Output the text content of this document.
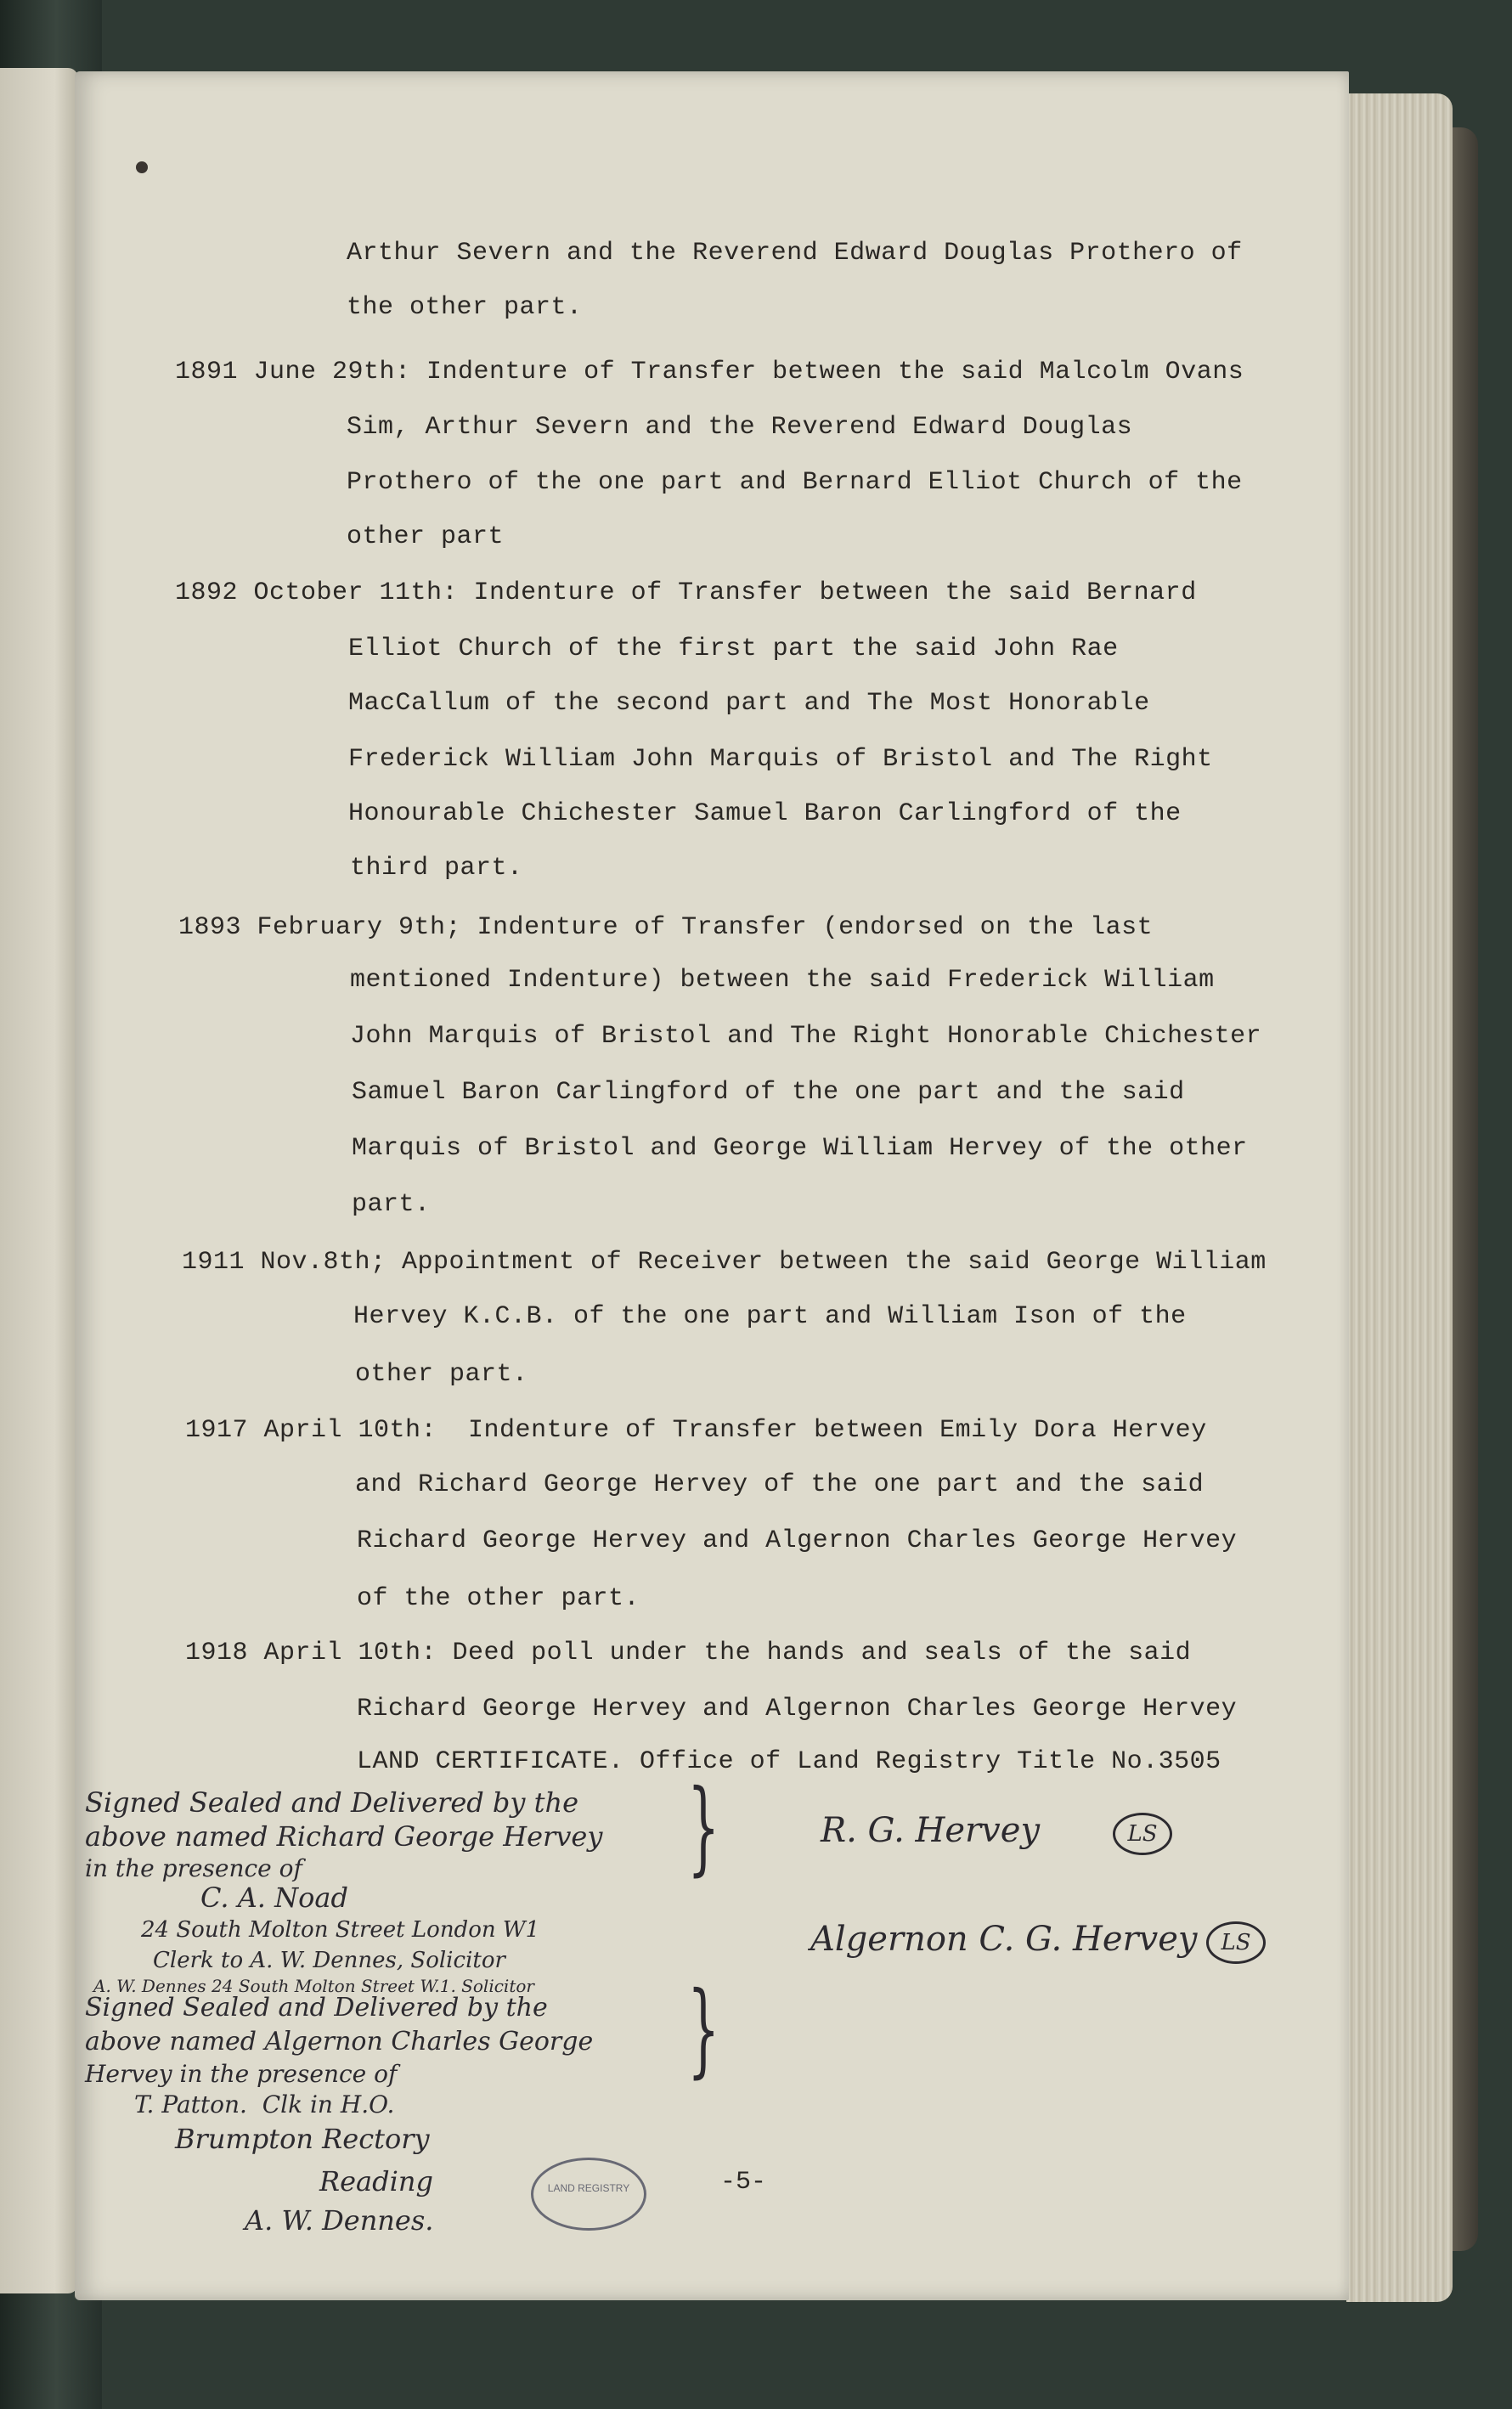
Arthur Severn and the Reverend Edward Douglas Prothero of
the other part.
1891 June 29th: Indenture of Transfer between the said Malcolm Ovans
Sim, Arthur Severn and the Reverend Edward Douglas
Prothero of the one part and Bernard Elliot Church of the
other part
1892 October 11th: Indenture of Transfer between the said Bernard
Elliot Church of the first part the said John Rae
MacCallum of the second part and The Most Honorable
Frederick William John Marquis of Bristol and The Right
Honourable Chichester Samuel Baron Carlingford of the
third part.
1893 February 9th; Indenture of Transfer (endorsed on the last
mentioned Indenture) between the said Frederick William
John Marquis of Bristol and The Right Honorable Chichester
Samuel Baron Carlingford of the one part and the said
Marquis of Bristol and George William Hervey of the other
part.
1911 Nov.8th; Appointment of Receiver between the said George William
Hervey K.C.B. of the one part and William Ison of the
other part.
1917 April 10th:  Indenture of Transfer between Emily Dora Hervey
and Richard George Hervey of the one part and the said
Richard George Hervey and Algernon Charles George Hervey
of the other part.
1918 April 10th: Deed poll under the hands and seals of the said
Richard George Hervey and Algernon Charles George Hervey
LAND CERTIFICATE. Office of Land Registry Title No.3505
Signed Sealed and Delivered by the
above named Richard George Hervey
in the presence of
C. A. Noad
24 South Molton Street London W1
Clerk to A. W. Dennes, Solicitor
A. W. Dennes 24 South Molton Street W.1. Solicitor
Signed Sealed and Delivered by the
above named Algernon Charles George
Hervey in the presence of
T. Patton.  Clk in H.O.
Brumpton Rectory
Reading
A. W. Dennes.
}
}
R. G. Hervey	LS
Algernon C. G. Hervey	LS
LAND REGISTRY	-5-
